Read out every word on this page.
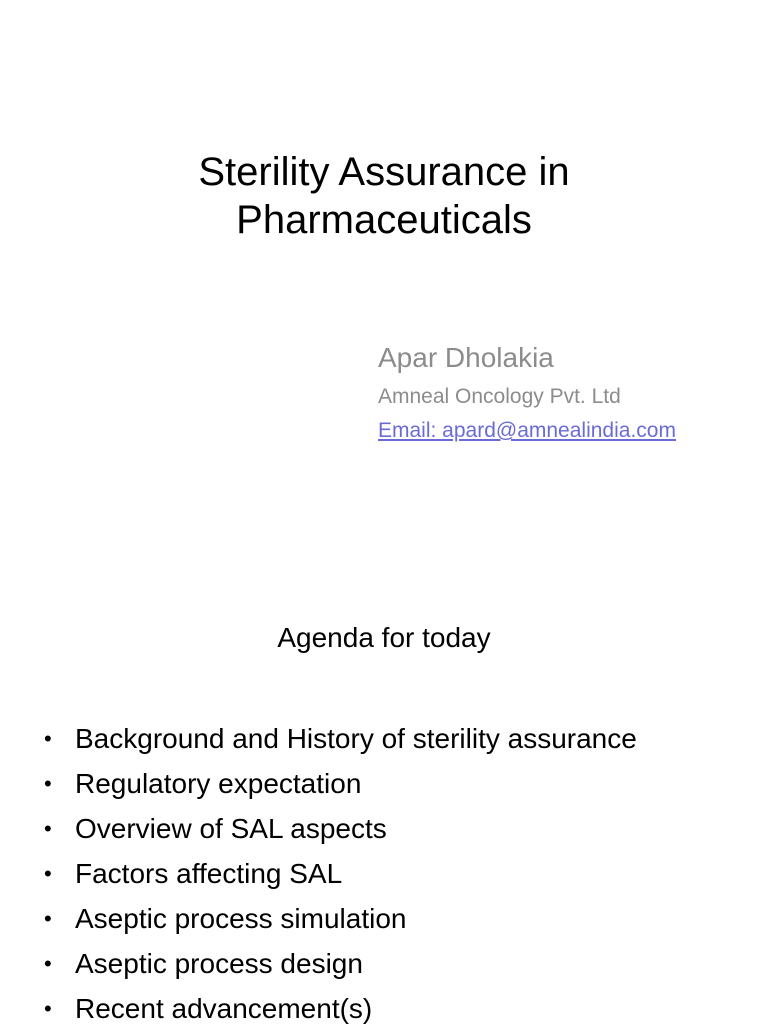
Sterility Assurance in
Pharmaceuticals
Apar Dholakia
Amneal Oncology Pvt. Ltd
Email: apard@amnealindia.com
Agenda for today
• Background and History of sterility assurance
• Regulatory expectation
• Overview of SAL aspects
• Factors affecting SAL
• Aseptic process simulation
• Aseptic process design
• Recent advancement(s)
